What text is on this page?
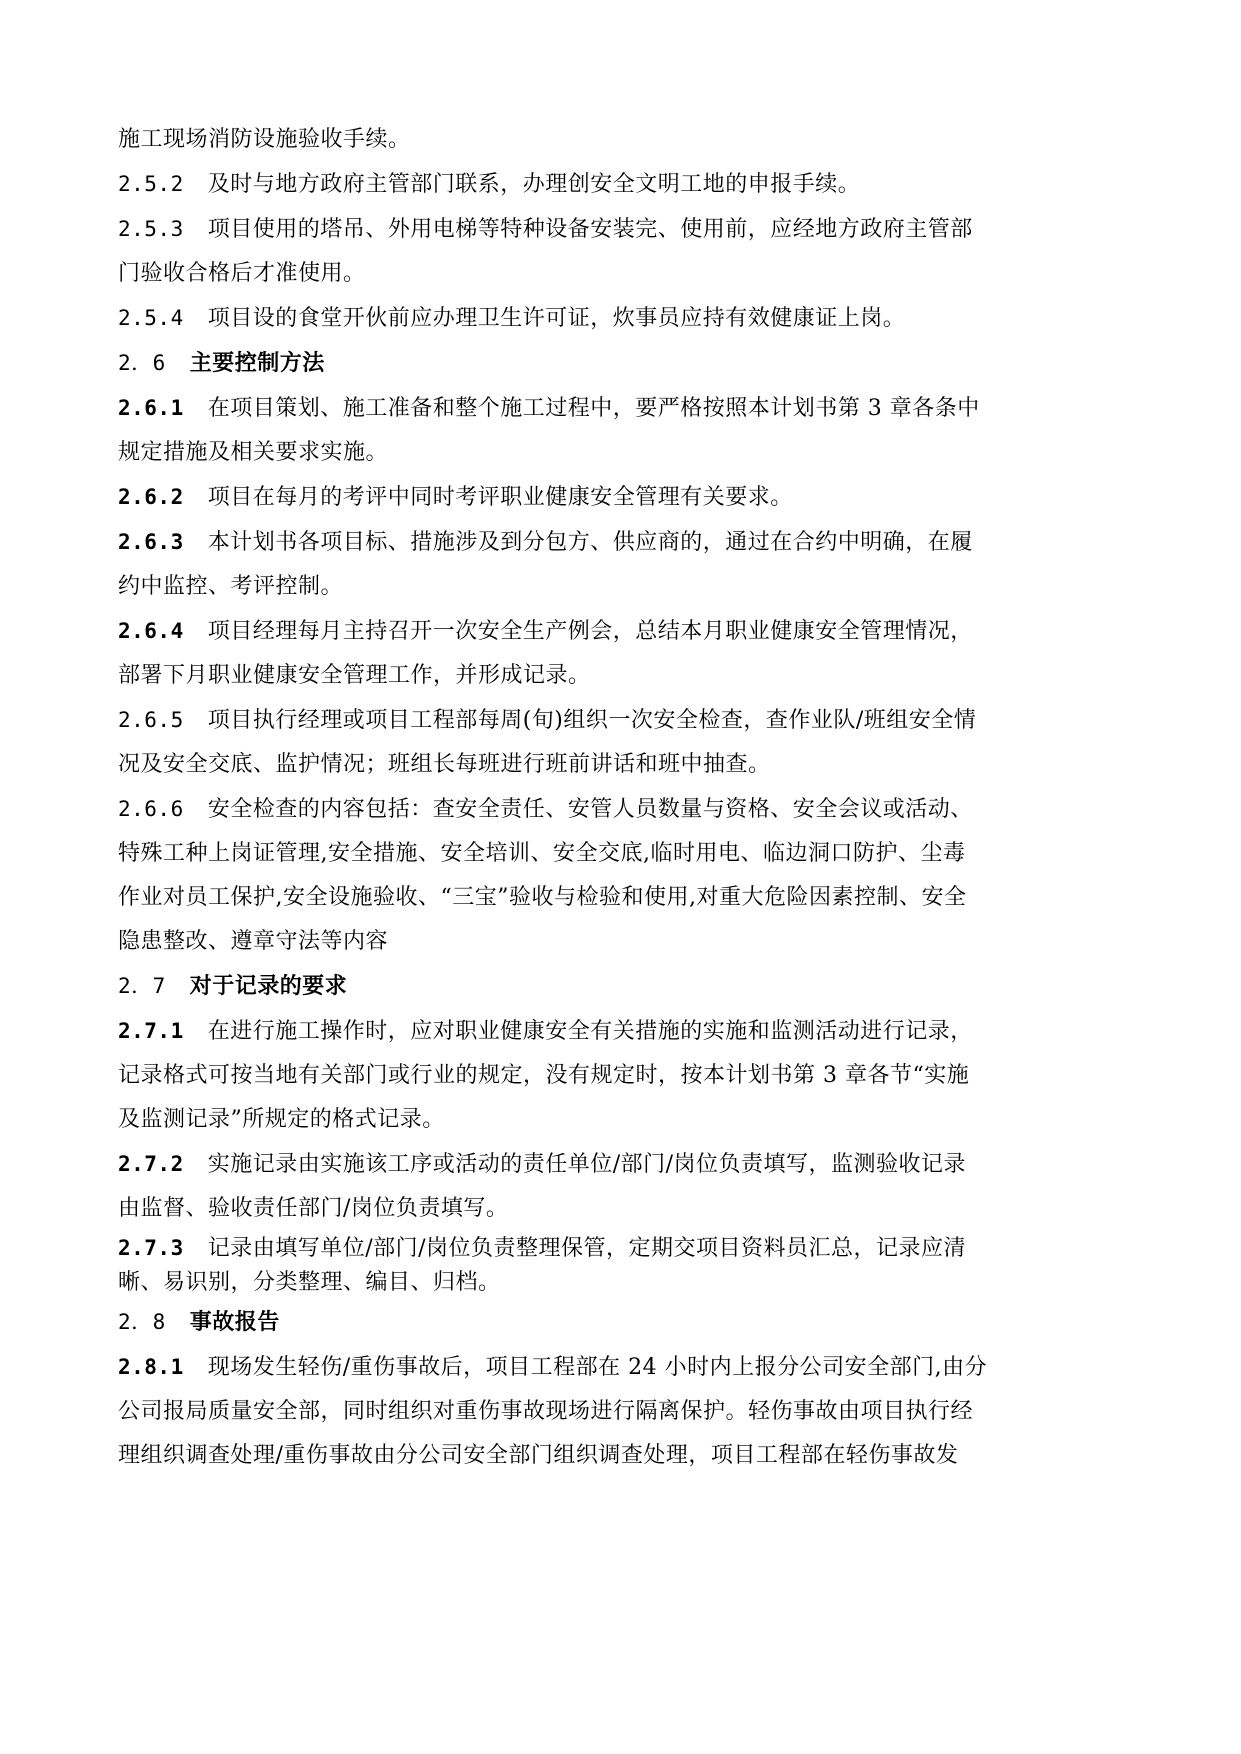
施工现场消防设施验收手续。

2.5.2 及时与地方政府主管部门联系，办理创安全文明工地的申报手续。

2.5.3 项目使用的塔吊、外用电梯等特种设备安装完、使用前，应经地方政府主管部
门验收合格后才准使用。

2.5.4 项目设的食堂开伙前应办理卫生许可证，炊事员应持有效健康证上岗。

2．6 主要控制方法

2.6.1 在项目策划、施工准备和整个施工过程中，要严格按照本计划书第 3 章各条中
规定措施及相关要求实施。

2.6.2 项目在每月的考评中同时考评职业健康安全管理有关要求。

2.6.3 本计划书各项目标、措施涉及到分包方、供应商的，通过在合约中明确，在履
约中监控、考评控制。

2.6.4 项目经理每月主持召开一次安全生产例会，总结本月职业健康安全管理情况，
部署下月职业健康安全管理工作，并形成记录。

2.6.5 项目执行经理或项目工程部每周(旬)组织一次安全检查，查作业队/班组安全情
况及安全交底、监护情况；班组长每班进行班前讲话和班中抽查。

2.6.6 安全检查的内容包括：查安全责任、安管人员数量与资格、安全会议或活动、
特殊工种上岗证管理,安全措施、安全培训、安全交底,临时用电、临边洞口防护、尘毒
作业对员工保护,安全设施验收、“三宝”验收与检验和使用,对重大危险因素控制、安全
隐患整改、遵章守法等内容

2．7 对于记录的要求

2.7.1 在进行施工操作时，应对职业健康安全有关措施的实施和监测活动进行记录，
记录格式可按当地有关部门或行业的规定，没有规定时，按本计划书第 3 章各节“实施
及监测记录”所规定的格式记录。

2.7.2 实施记录由实施该工序或活动的责任单位/部门/岗位负责填写，监测验收记录
由监督、验收责任部门/岗位负责填写。

2.7.3 记录由填写单位/部门/岗位负责整理保管，定期交项目资料员汇总，记录应清
晰、易识别，分类整理、编目、归档。

2．8 事故报告

2.8.1 现场发生轻伤/重伤事故后，项目工程部在 24 小时内上报分公司安全部门,由分
公司报局质量安全部，同时组织对重伤事故现场进行隔离保护。轻伤事故由项目执行经
理组织调查处理/重伤事故由分公司安全部门组织调查处理，项目工程部在轻伤事故发
